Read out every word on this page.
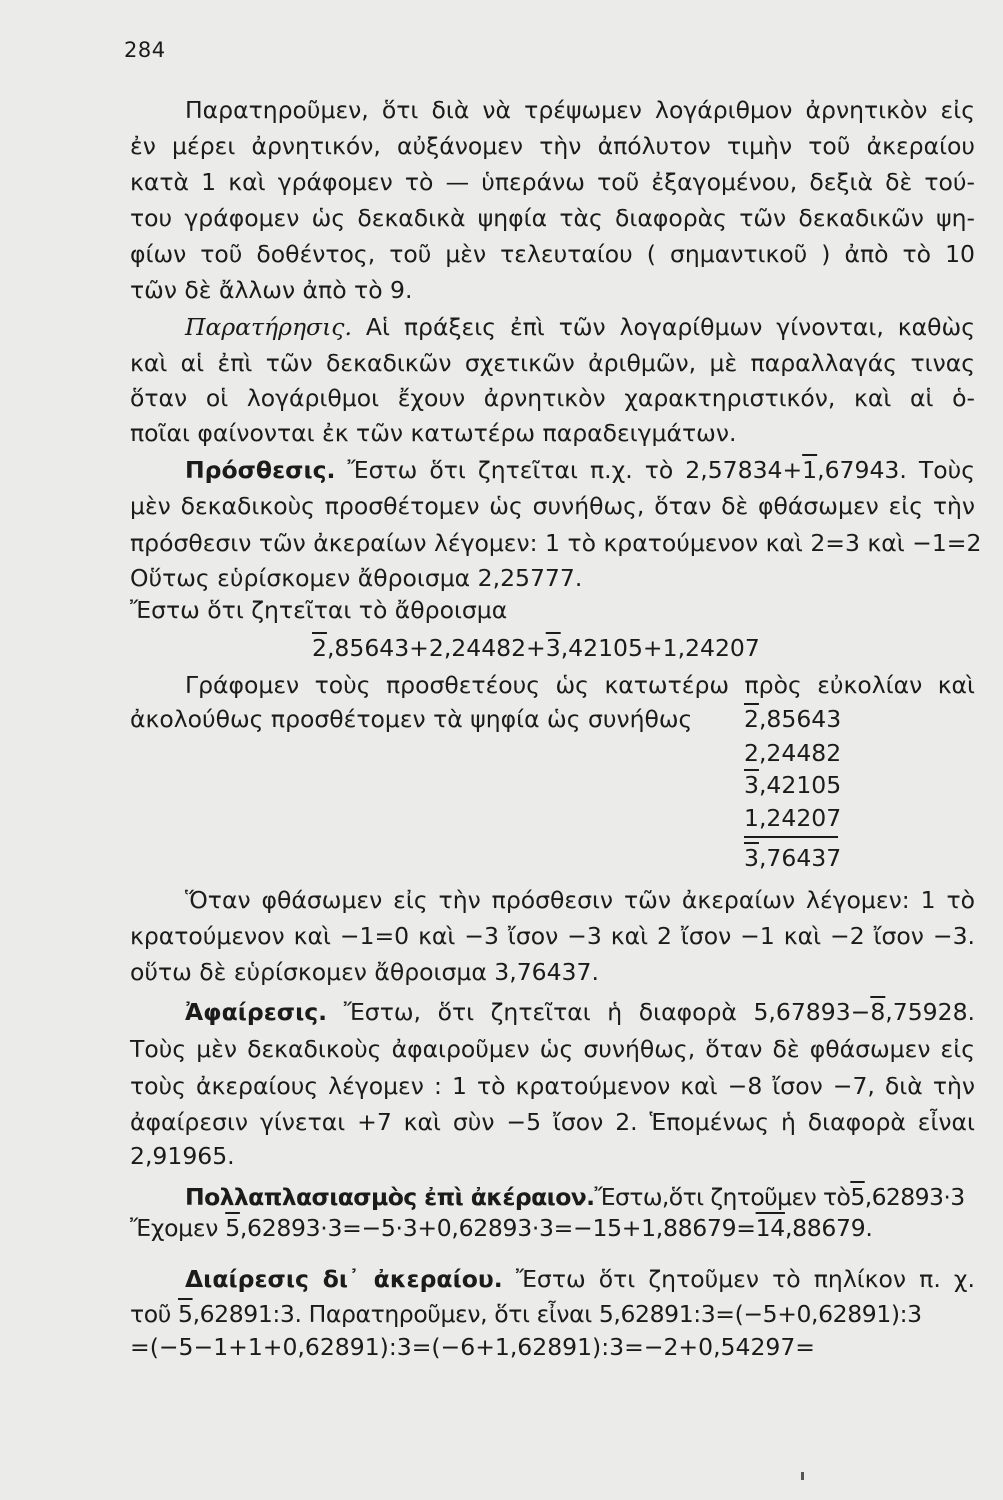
284
Παρατηροῦμεν, ὅτι διὰ νὰ τρέψωμεν λογάριθμον ἀρνητικὸν εἰς
ἐν μέρει ἀρνητικόν, αὐξάνομεν τὴν ἀπόλυτον τιμὴν τοῦ ἀκεραίου
κατὰ 1 καὶ γράφομεν τὸ — ὑπεράνω τοῦ ἐξαγομένου, δεξιὰ δὲ τού-
του γράφομεν ὡς δεκαδικὰ ψηφία τὰς διαφορὰς τῶν δεκαδικῶν ψη-
φίων τοῦ δοθέντος, τοῦ μὲν τελευταίου ( σημαντικοῦ ) ἀπὸ τὸ 10
τῶν δὲ ἄλλων ἀπὸ τὸ 9.
Παρατήρησις. Αἱ πράξεις ἐπὶ τῶν λογαρίθμων γίνονται, καθὼς
καὶ αἱ ἐπὶ τῶν δεκαδικῶν σχετικῶν ἀριθμῶν, μὲ παραλλαγάς τινας
ὅταν οἱ λογάριθμοι ἔχουν ἀρνητικὸν χαρακτηριστικόν, καὶ αἱ ὁ-
ποῖαι φαίνονται ἐκ τῶν κατωτέρω παραδειγμάτων.
Πρόσθεσις. Ἔστω ὅτι ζητεῖται π.χ. τὸ 2,57834+1,67943. Τοὺς
μὲν δεκαδικοὺς προσθέτομεν ὡς συνήθως, ὅταν δὲ φθάσωμεν εἰς τὴν
πρόσθεσιν τῶν ἀκεραίων λέγομεν: 1 τὸ κρατούμενον καὶ 2=3 καὶ −1=2
Οὕτως εὑρίσκομεν ἄθροισμα 2,25777.
Ἔστω ὅτι ζητεῖται τὸ ἄθροισμα
2,85643+2,24482+3,42105+1,24207
Γράφομεν τοὺς προσθετέους ὡς κατωτέρω πρὸς εὐκολίαν καὶ
ἀκολούθως προσθέτομεν τὰ ψηφία ὡς συνήθως	2,85643
2,24482
3,42105
1,24207
3,76437
Ὅταν φθάσωμεν εἰς τὴν πρόσθεσιν τῶν ἀκεραίων λέγομεν: 1 τὸ
κρατούμενον καὶ −1=0 καὶ −3 ἴσον −3 καὶ 2 ἴσον −1 καὶ −2 ἴσον −3.
οὕτω δὲ εὑρίσκομεν ἄθροισμα 3,76437.
Ἀφαίρεσις. Ἔστω, ὅτι ζητεῖται ἡ διαφορὰ 5,67893−8,75928.
Τοὺς μὲν δεκαδικοὺς ἀφαιροῦμεν ὡς συνήθως, ὅταν δὲ φθάσωμεν εἰς
τοὺς ἀκεραίους λέγομεν : 1 τὸ κρατούμενον καὶ −8 ἴσον −7, διὰ τὴν
ἀφαίρεσιν γίνεται +7 καὶ σὺν −5 ἴσον 2. Ἑπομένως ἡ διαφορὰ εἶναι
2,91965.
Πολλαπλασιασμὸς ἐπὶ ἀκέραιον.Ἔστω,ὅτι ζητοῦμεν τὸ5,62893·3
Ἔχομεν 5,62893·3=−5·3+0,62893·3=−15+1,88679=14,88679.
Διαίρεσις δι᾽ ἀκεραίου. Ἔστω ὅτι ζητοῦμεν τὸ πηλίκον π. χ.
τοῦ 5,62891:3. Παρατηροῦμεν, ὅτι εἶναι 5,62891:3=(−5+0,62891):3
=(−5−1+1+0,62891):3=(−6+1,62891):3=−2+0,54297=
